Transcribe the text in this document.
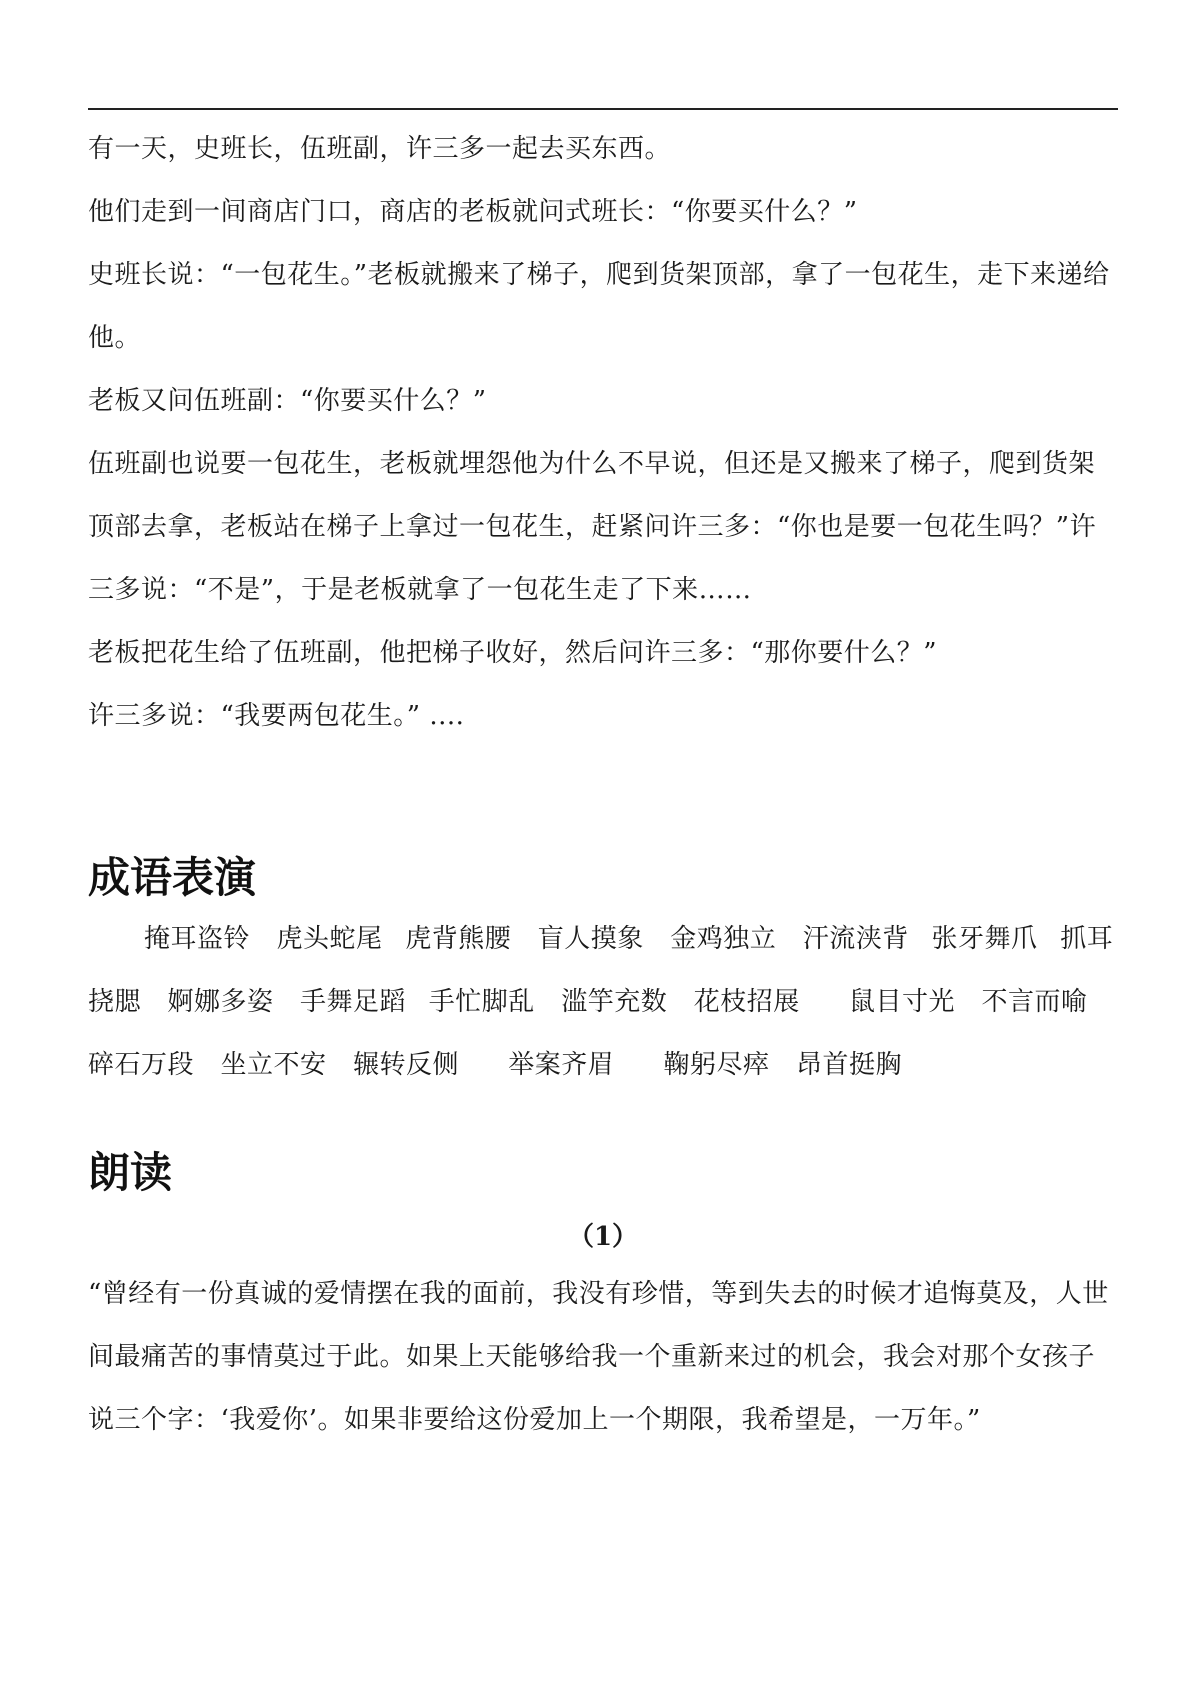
有一天，史班长，伍班副，许三多一起去买东西。

他们走到一间商店门口，商店的老板就问式班长：“你要买什么？”

史班长说：“一包花生。”老板就搬来了梯子，爬到货架顶部，拿了一包花生，走下来递给他。

老板又问伍班副：“你要买什么？”

伍班副也说要一包花生，老板就埋怨他为什么不早说，但还是又搬来了梯子，爬到货架顶部去拿，老板站在梯子上拿过一包花生，赶紧问许三多：“你也是要一包花生吗？”许三多说：“不是”，于是老板就拿了一包花生走了下来……

老板把花生给了伍班副，他把梯子收好，然后问许三多：“那你要什么？”

许三多说：“我要两包花生。” ....

成语表演

掩耳盗铃　虎头蛇尾 虎背熊腰　盲人摸象　金鸡独立　汗流浃背 张牙舞爪 抓耳挠腮　婀娜多姿　手舞足蹈 手忙脚乱　滥竽充数　花枝招展　 鼠目寸光　不言而喻　碎石万段　坐立不安　辗转反侧　 举案齐眉　 鞠躬尽瘁　昂首挺胸

朗读

（1）

“曾经有一份真诚的爱情摆在我的面前，我没有珍惜，等到失去的时候才追悔莫及，人世间最痛苦的事情莫过于此。如果上天能够给我一个重新来过的机会，我会对那个女孩子说三个字：‘我爱你’。如果非要给这份爱加上一个期限，我希望是，一万年。”
